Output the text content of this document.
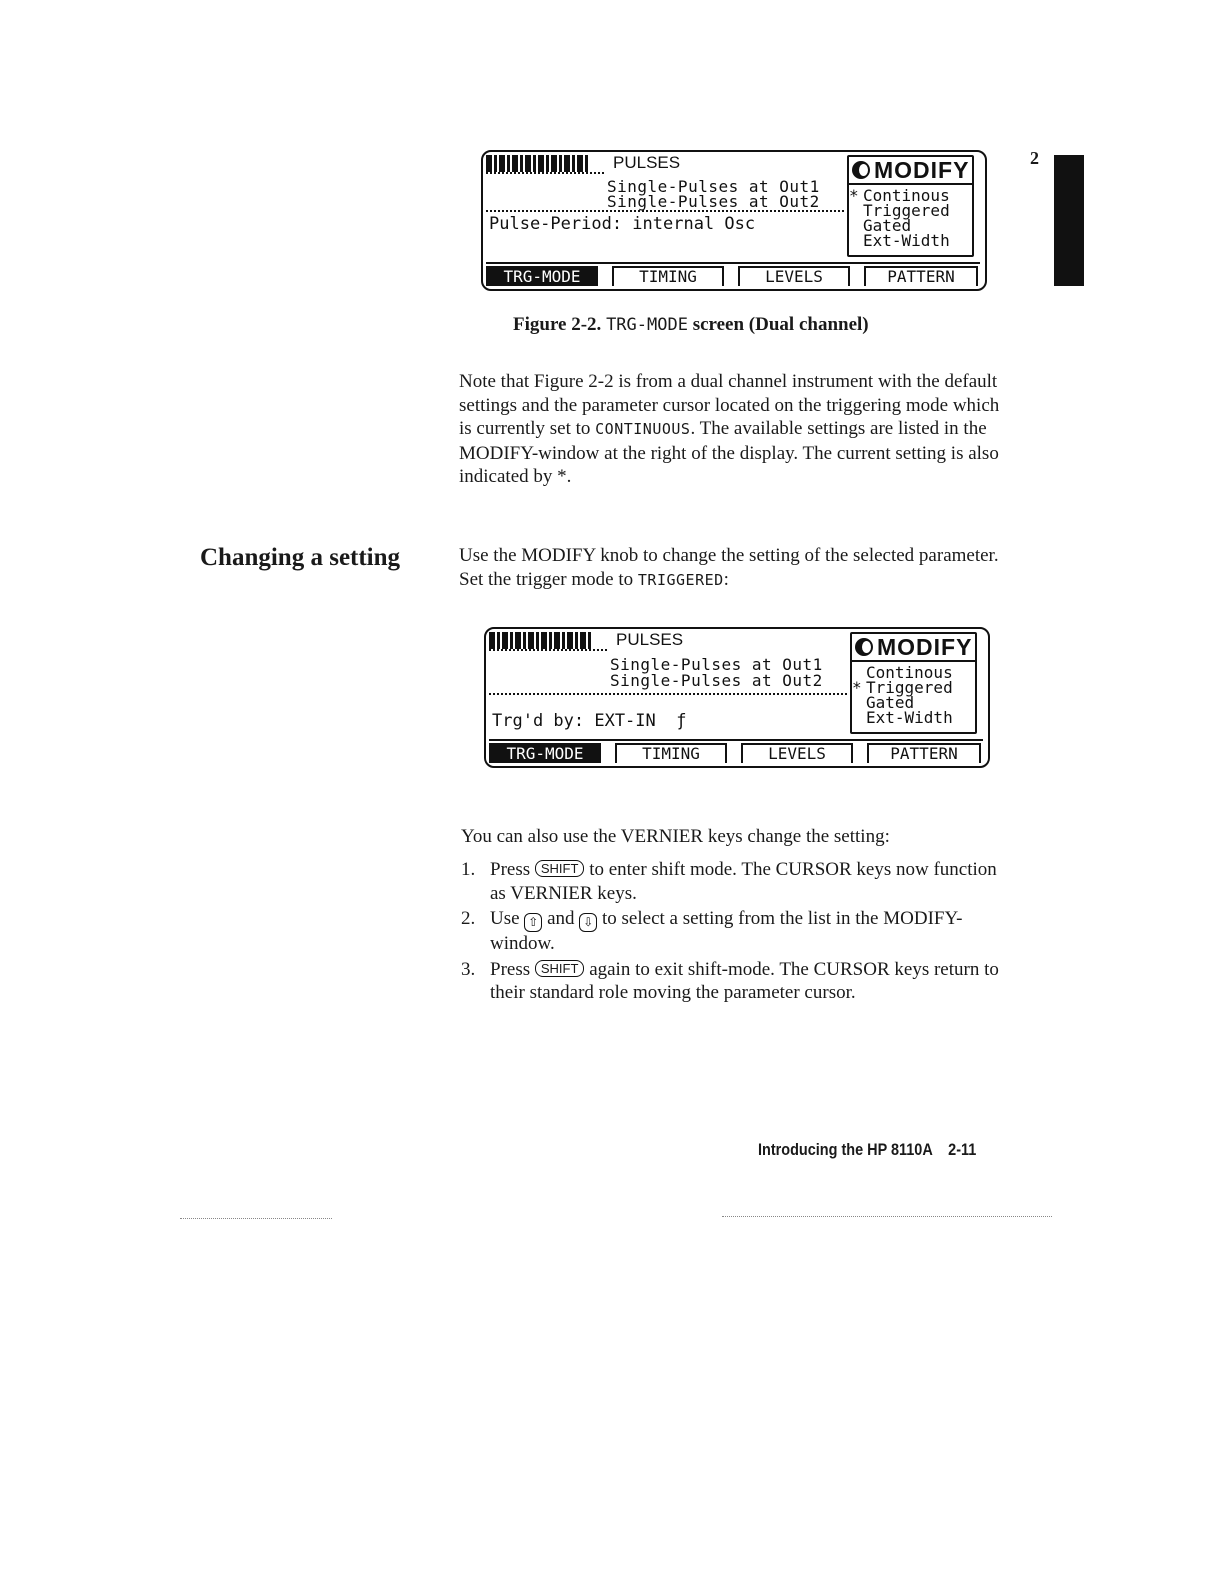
2
PULSES
Single-Pulses at Out1
Single-Pulses at Out2
Pulse-Period: internal Osc
MODIFY
* Continous
Triggered
Gated
Ext-Width
TRG-MODE	TIMING	LEVELS	PATTERN
Figure 2-2. TRG-MODE screen (Dual channel)
Note that Figure 2-2 is from a dual channel instrument with the default settings and the parameter cursor located on the triggering mode which is currently set to CONTINUOUS. The available settings are listed in the MODIFY-window at the right of the display. The current setting is also indicated by *.
Changing a setting	Use the MODIFY knob to change the setting of the selected parameter. Set the trigger mode to TRIGGERED:
PULSES
Single-Pulses at Out1
Single-Pulses at Out2
Trg'd by: EXT-IN  ƒ
MODIFY
Continous
* Triggered
Gated
Ext-Width
TRG-MODE	TIMING	LEVELS	PATTERN
You can also use the VERNIER keys change the setting:
1. Press SHIFT to enter shift mode. The CURSOR keys now function as VERNIER keys.
2. Use ⇧ and ⇩ to select a setting from the list in the MODIFY-window.
3. Press SHIFT again to exit shift-mode. The CURSOR keys return to their standard role moving the parameter cursor.
Introducing the HP 8110A 2-11
